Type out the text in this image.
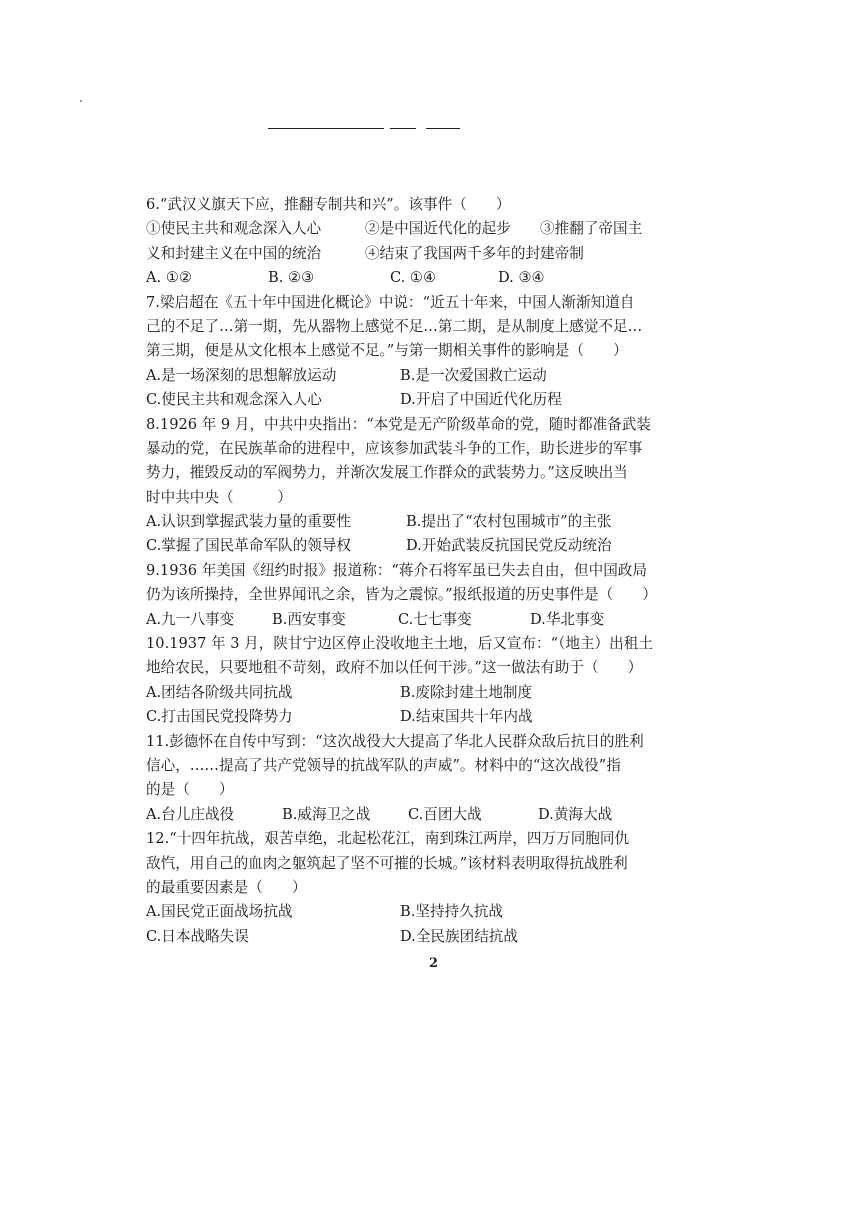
6.“武汉义旗天下应，推翻专制共和兴”。该事件（　　）
①使民主共和观念深入人心　　　②是中国近代化的起步　　③推翻了帝国主
义和封建主义在中国的统治　　　④结束了我国两千多年的封建帝制
A. ①②	B. ②③	C. ①④	D. ③④
7.梁启超在《五十年中国进化概论》中说：“近五十年来，中国人渐渐知道自
己的不足了…第一期，先从器物上感觉不足…第二期，是从制度上感觉不足…
第三期，便是从文化根本上感觉不足。”与第一期相关事件的影响是（　　）
A.是一场深刻的思想解放运动	B.是一次爱国救亡运动
C.使民主共和观念深入人心	D.开启了中国近代化历程
8.1926 年 9 月，中共中央指出：“本党是无产阶级革命的党，随时都准备武装
暴动的党，在民族革命的进程中，应该参加武装斗争的工作，助长进步的军事
势力，摧毁反动的军阀势力，并渐次发展工作群众的武装势力。”这反映出当
时中共中央（　　　）
A.认识到掌握武装力量的重要性	B.提出了“农村包围城市”的主张
C.掌握了国民革命军队的领导权	D.开始武装反抗国民党反动统治
9.1936 年美国《纽约时报》报道称：“蒋介石将军虽已失去自由，但中国政局
仍为该所操持，全世界闻讯之余，皆为之震惊。”报纸报道的历史事件是（　　）
A.九一八事变	B.西安事变	C.七七事变	D.华北事变
10.1937 年 3 月，陕甘宁边区停止没收地主土地，后又宣布：“（地主）出租土
地给农民，只要地租不苛刻，政府不加以任何干涉。”这一做法有助于（　　）
A.团结各阶级共同抗战	B.废除封建土地制度
C.打击国民党投降势力	D.结束国共十年内战
11.彭德怀在自传中写到：“这次战役大大提高了华北人民群众敌后抗日的胜利
信心，……提高了共产党领导的抗战军队的声威”。材料中的“这次战役”指
的是（　　）
A.台儿庄战役	B.威海卫之战	C.百团大战	D.黄海大战
12.“十四年抗战，艰苦卓绝，北起松花江，南到珠江两岸，四万万同胞同仇
敌忾，用自己的血肉之躯筑起了坚不可摧的长城。”该材料表明取得抗战胜利
的最重要因素是（　　）
A.国民党正面战场抗战	B.坚持持久抗战
C.日本战略失误	D.全民族团结抗战
2
